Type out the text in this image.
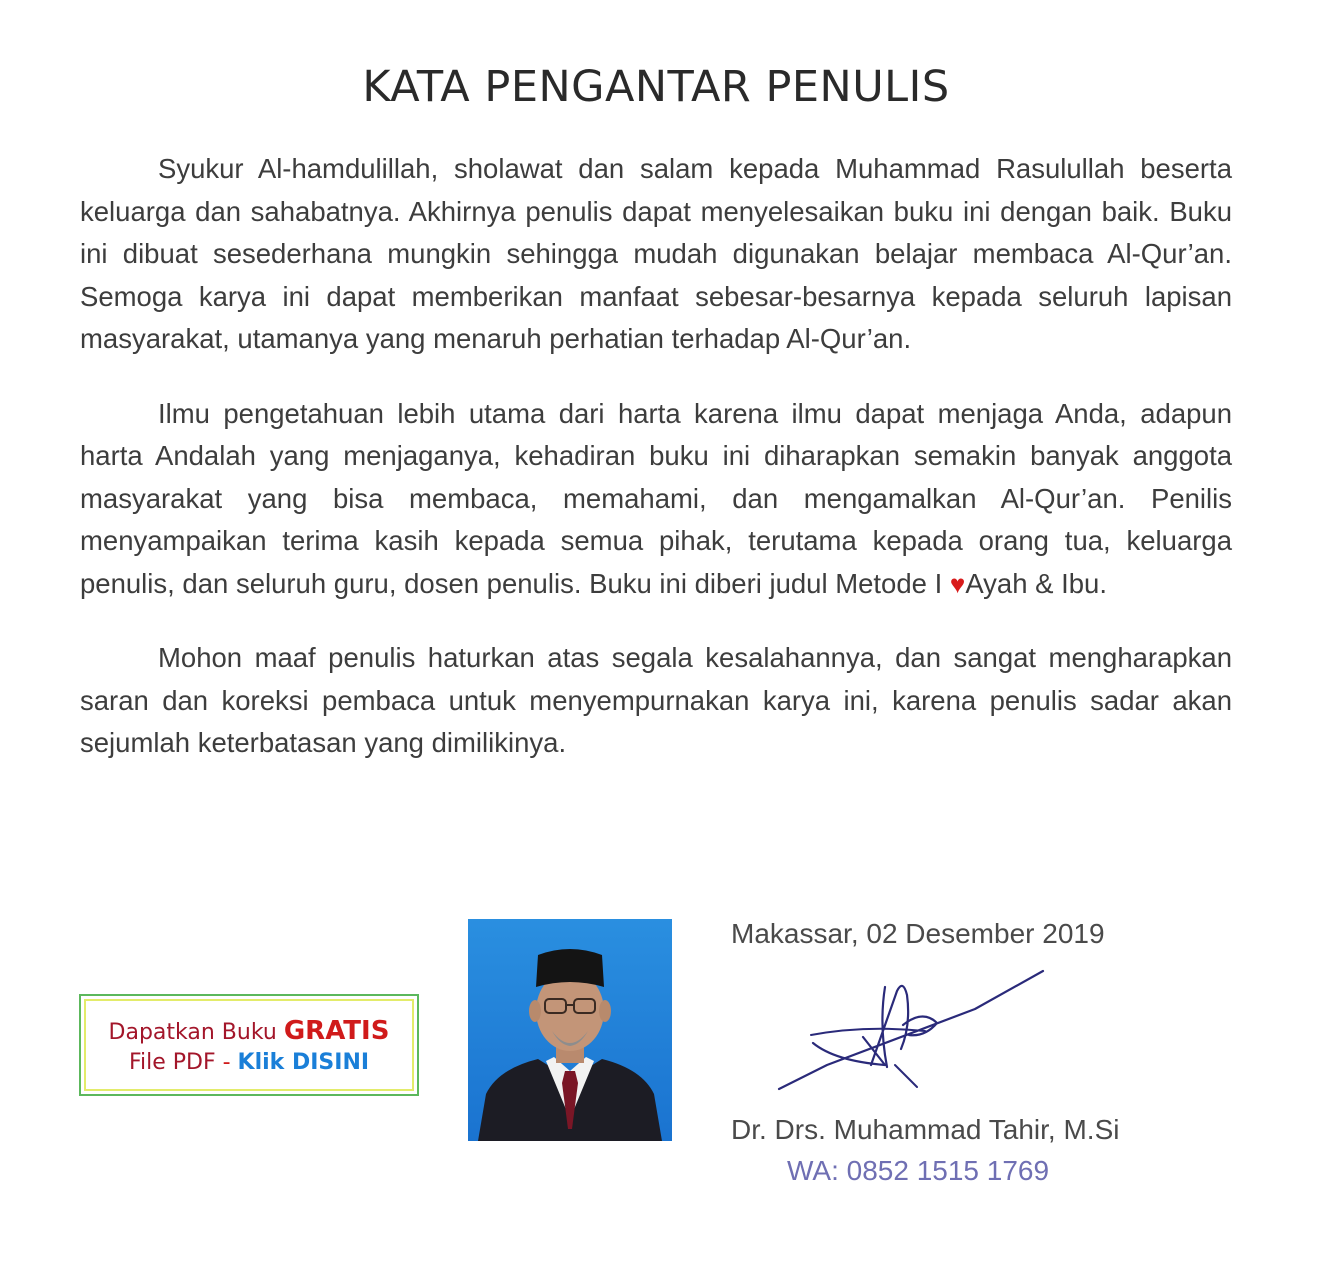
KATA PENGANTAR PENULIS

Syukur Al-hamdulillah, sholawat dan salam kepada Muhammad Rasulullah beserta keluarga dan sahabatnya. Akhirnya penulis dapat menyelesaikan buku ini dengan baik. Buku ini dibuat sesederhana mungkin sehingga mudah digunakan belajar membaca Al-Qur’an. Semoga karya ini dapat memberikan manfaat sebesar-besarnya kepada seluruh lapisan masyarakat, utamanya yang menaruh perhatian terhadap Al-Qur’an.

Ilmu pengetahuan lebih utama dari harta karena ilmu dapat menjaga Anda, adapun harta Andalah yang menjaganya, kehadiran buku ini diharapkan semakin banyak anggota masyarakat yang bisa membaca, memahami, dan mengamalkan Al-Qur’an. Penilis menyampaikan terima kasih kepada semua pihak, terutama kepada orang tua, keluarga penulis, dan seluruh guru, dosen penulis. Buku ini diberi judul Metode I ♥Ayah & Ibu.

Mohon maaf penulis haturkan atas segala kesalahannya, dan sangat mengharapkan saran dan koreksi pembaca untuk menyempurnakan karya ini, karena penulis sadar akan sejumlah keterbatasan yang dimilikinya.

Dapatkan Buku GRATIS
File PDF - Klik DISINI
Makassar, 02 Desember 2019
Dr. Drs. Muhammad Tahir, M.Si
WA: 0852 1515 1769
